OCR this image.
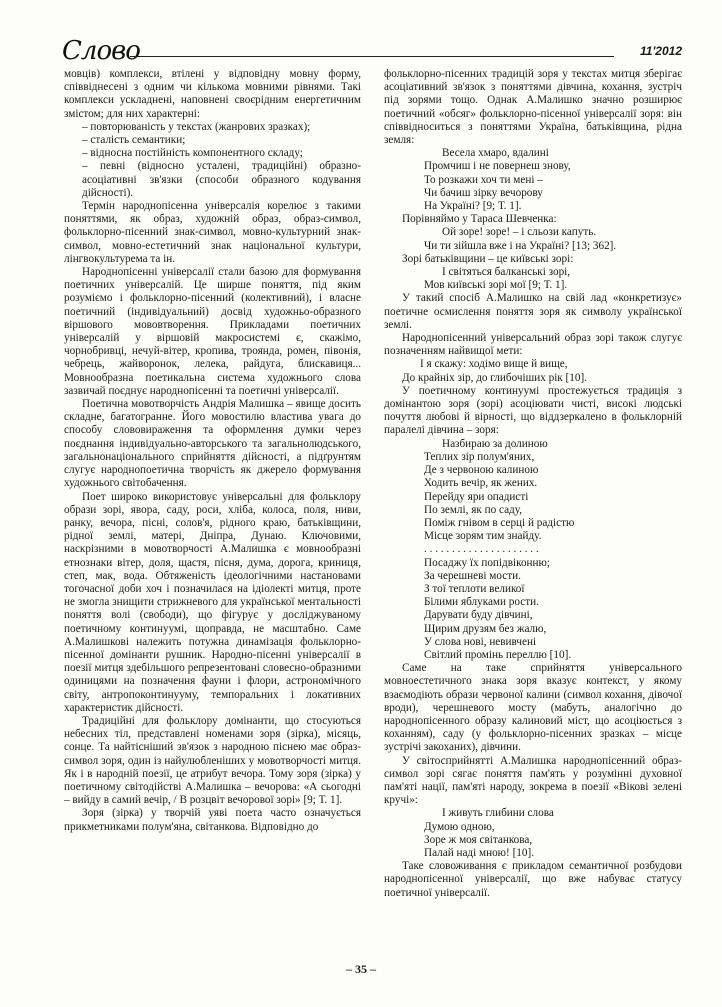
Cлово	11'2012

мовців) комплекси, втілені у відповідну мовну форму, співвіднесені з одним чи кількома мовними рівнями. Такі комплекси ускладнені, наповнені своєрідним енергетичним змістом; для них характерні:

– повторюваність у текстах (жанрових зразках);

– сталість семантики;

– відносна постійність компонентного складу;

– певні (відносно усталені, традиційні) образно-асоціативні зв'язки (способи образного кодування дійсності).

Термін народнопісенна універсалія корелює з такими поняттями, як образ, художній образ, образ-символ, фольклорно-пісенний знак-символ, мовно-культурний знак-символ, мовно-естетичний знак національної культури, лінгвокультурема та ін.

Народнопісенні універсалії стали базою для формування поетичних універсалій. Це ширше поняття, під яким розуміємо і фольклорно-пісенний (колективний), і власне поетичний (індивідуальний) досвід художньо-образного віршового мововтворення. Прикладами поетичних універсалій у віршовій макросистемі є, скажімо, чорнобривці, нечуй-вітер, кропива, троянда, ромен, півонія, чебрець, жайворонок, лелека, райдуга, блискавиця... Мовнообразна поетикальна система художнього слова зазвичай поєднує народнопісенні та поетичні універсалії.

Поетична мовотворчість Андрія Малишка – явище досить складне, багатогранне. Його мовостилю властива увага до способу слововираження та оформлення думки через поєднання індивідуально-авторського та загальнолюдського, загальнонаціонального сприйняття дійсності, а підґрунтям слугує народнопоетична творчість як джерело формування художнього світобачення.

Поет широко використовує універсальні для фольклору образи зорі, явора, саду, роси, хліба, колоса, поля, ниви, ранку, вечора, пісні, солов'я, рідного краю, батьківщини, рідної землі, матері, Дніпра, Дунаю. Ключовими, наскрізними в мовотворчості А.Малишка є мовнообразні етнознаки вітер, доля, щастя, пісня, дума, дорога, криниця, степ, мак, вода. Обтяженість ідеологічними настановами тогочасної доби хоч і позначилася на ідіолекті митця, проте не змогла знищити стрижневого для української ментальності поняття волі (свободи), що фігурує у досліджуваному поетичному континуумі, щоправда, не масштабно. Саме А.Малишкові належить потужна динамізація фольклорно-пісенної домінанти рушник. Народно-пісенні універсалії в поезії митця здебільшого репрезентовані словесно-образними одиницями на позначення фауни і флори, астрономічного світу, антропоконтинууму, темпоральних і локативних характеристик дійсності.

Традиційні для фольклору домінанти, що стосуються небесних тіл, представлені номенами зоря (зірка), місяць, сонце. Та найтісніший зв'язок з народною піснею має образ-символ зоря, один із найулюбленіших у мовотворчості митця. Як і в народній поезії, це атрибут вечора. Тому зоря (зірка) у поетичному світодійстві А.Малишка – вечорова: «А сьогодні – вийду в самий вечір, / В розцвіт вечорової зорі» [9; Т. 1].

Зоря (зірка) у творчій уяві поета часто означується прикметниками полум'яна, світанкова. Відповідно до

фольклорно-пісенних традицій зоря у текстах митця зберігає асоціативний зв'язок з поняттями дівчина, кохання, зустріч під зорями тощо. Однак А.Малишко значно розширює поетичний «обсяг» фольклорно-пісенної універсалії зоря: він співвідноситься з поняттями Україна, батьківщина, рідна земля:

Весела хмаро, вдалині
Промчиш і не повернеш знову,
То розкажи хоч ти мені –
Чи бачиш зірку вечорову
На Україні? [9; Т. 1].

Порівняймо у Тараса Шевченка:

Ой зоре! зоре! – і сльози капуть.
Чи ти зійшла вже і на Україні? [13; 362].

Зорі батьківщини – це київські зорі:

І світяться балканські зорі,
Мов київські зорі мої [9; Т. 1].

У такий спосіб А.Малишко на свій лад «конкретизує» поетичне осмислення поняття зоря як символу української землі.

Народнопісенний універсальний образ зорі також слугує позначенням найвищої мети:

І я скажу: ходімо вище й вище,
До крайніх зір, до глибочіших рік [10].

У поетичному континуумі простежується традиція з домінантою зоря (зорі) асоціювати чисті, високі людські почуття любові й вірності, що віддзеркалено в фольклорній паралелі дівчина – зоря:

Назбираю за долиною
Теплих зір полум'яних,
Де з червоною калиною
Ходить вечір, як жених.
Перейду яри опадисті
По землі, як по саду,
Поміж гнівом в серці й радістю
Місце зорям тим знайду.
. . . . . . . . . . . . . . . . . . . . .
Посаджу їх попідвіконню;
За черешневі мости.
З тої теплоти великої
Білими яблуками рости.
Дарувати буду дівчині,
Щирим друзям без жалю,
У слова нові, невивчені
Світлий промінь переллю [10].

Саме на таке сприйняття універсального мовноестетичного знака зоря вказує контекст, у якому взаємодіють образи червоної калини (символ кохання, дівочої вроди), черешневого мосту (мабуть, аналогічно до народнопісенного образу калиновий міст, що асоціюється з коханням), саду (у фольклорно-пісенних зразках – місце зустрічі закоханих), дівчини.

У світосприйнятті А.Малишка народнопісенний образ-символ зорі сягає поняття пам'ять у розумінні духовної пам'яті нації, пам'яті народу, зокрема в поезії «Вікові зелені кручі»:

І живуть глибини слова
Думою одною,
Зоре ж моя світанкова,
Палай наді мною! [10].

Таке словоживання є прикладом семантичної розбудови народнопісенної універсалії, що вже набуває статусу поетичної універсалії.

– 35 –
